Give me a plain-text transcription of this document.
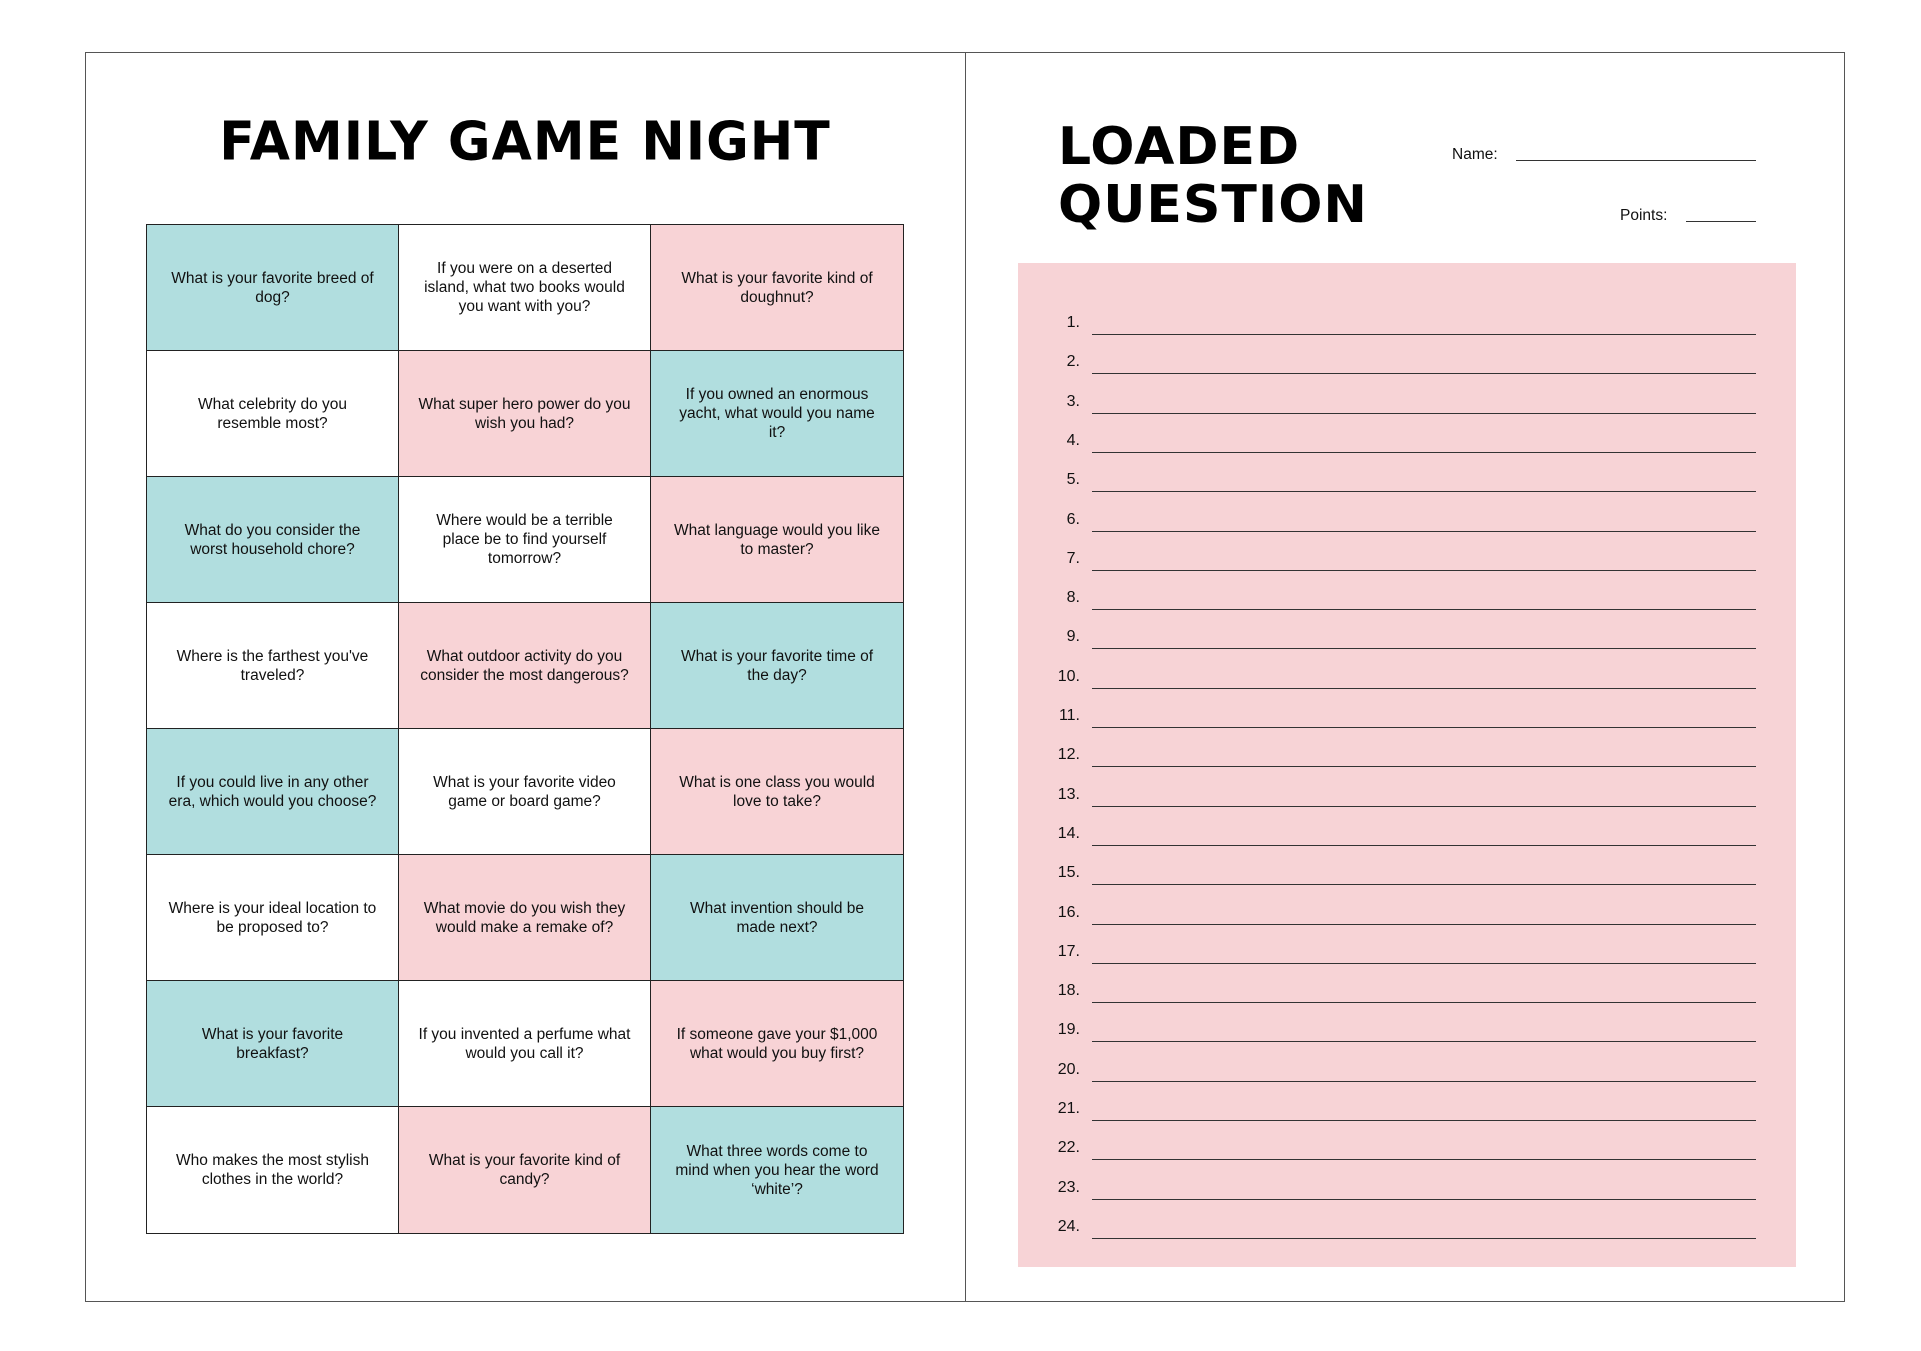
FAMILY GAME NIGHT
What is your favorite breed of dog?
If you were on a deserted island, what two books would you want with you?
What is your favorite kind of doughnut?
What celebrity do you resemble most?
What super hero power do you wish you had?
If you owned an enormous yacht, what would you name it?
What do you consider the worst household chore?
Where would be a terrible place be to find yourself tomorrow?
What language would you like to master?
Where is the farthest you've traveled?
What outdoor activity do you consider the most dangerous?
What is your favorite time of the day?
If you could live in any other era, which would you choose?
What is your favorite video game or board game?
What is one class you would love to take?
Where is your ideal location to be proposed to?
What movie do you wish they would make a remake of?
What invention should be made next?
What is your favorite breakfast?
If you invented a perfume what would you call it?
If someone gave your $1,000 what would you buy first?
Who makes the most stylish clothes in the world?
What is your favorite kind of candy?
What three words come to mind when you hear the word ‘white’?
LOADED
QUESTION
Name:
Points:
1.
2.
3.
4.
5.
6.
7.
8.
9.
10.
11.
12.
13.
14.
15.
16.
17.
18.
19.
20.
21.
22.
23.
24.
